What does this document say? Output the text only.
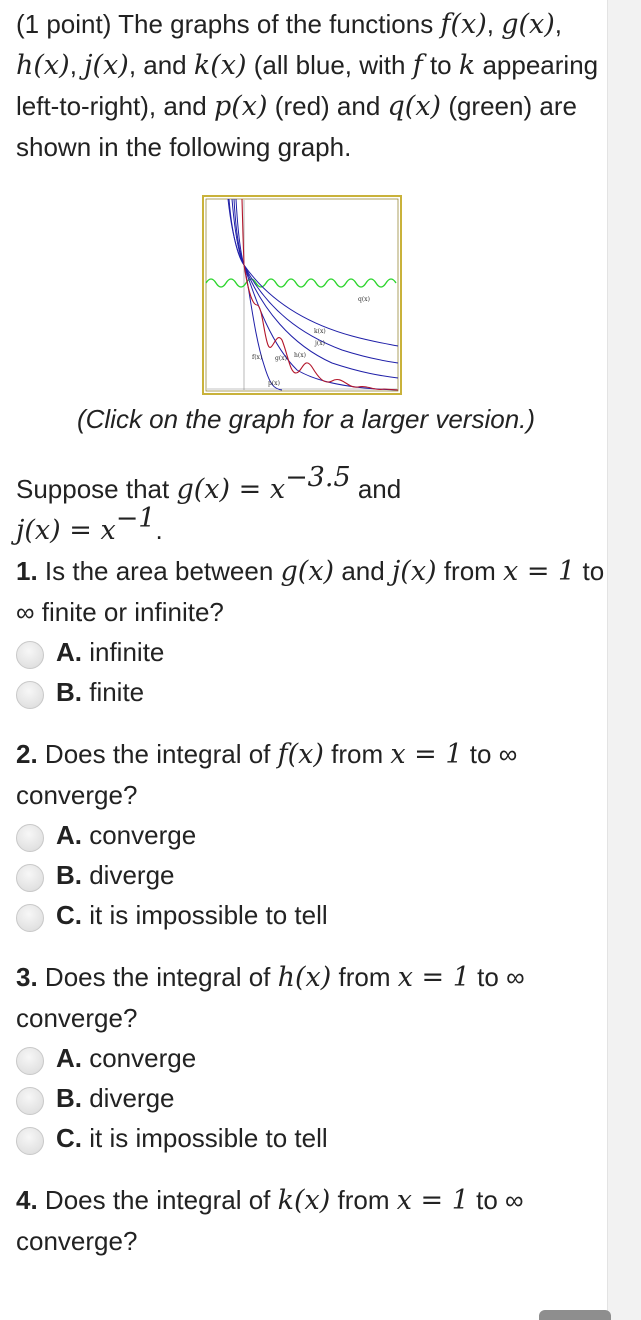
(1 point) The graphs of the functions f(x), g(x), h(x), j(x), and k(x) (all blue, with f to k appearing left-to-right), and p(x) (red) and q(x) (green) are shown in the following graph.

q(x)
k(x)
j(x)
h(x)
g(x)
f(x)
p(x)

(Click on the graph for a larger version.)

Suppose that $g(x) = x^{-3.5}$ and
$j(x) = x^{-1}$.

1. Is the area between g(x) and j(x) from x = 1 to ∞ finite or infinite?

A. infinite
B. finite

2. Does the integral of f(x) from x = 1 to ∞ converge?

A. converge
B. diverge
C. it is impossible to tell

3. Does the integral of h(x) from x = 1 to ∞ converge?

A. converge
B. diverge
C. it is impossible to tell

4. Does the integral of k(x) from x = 1 to ∞ converge?
